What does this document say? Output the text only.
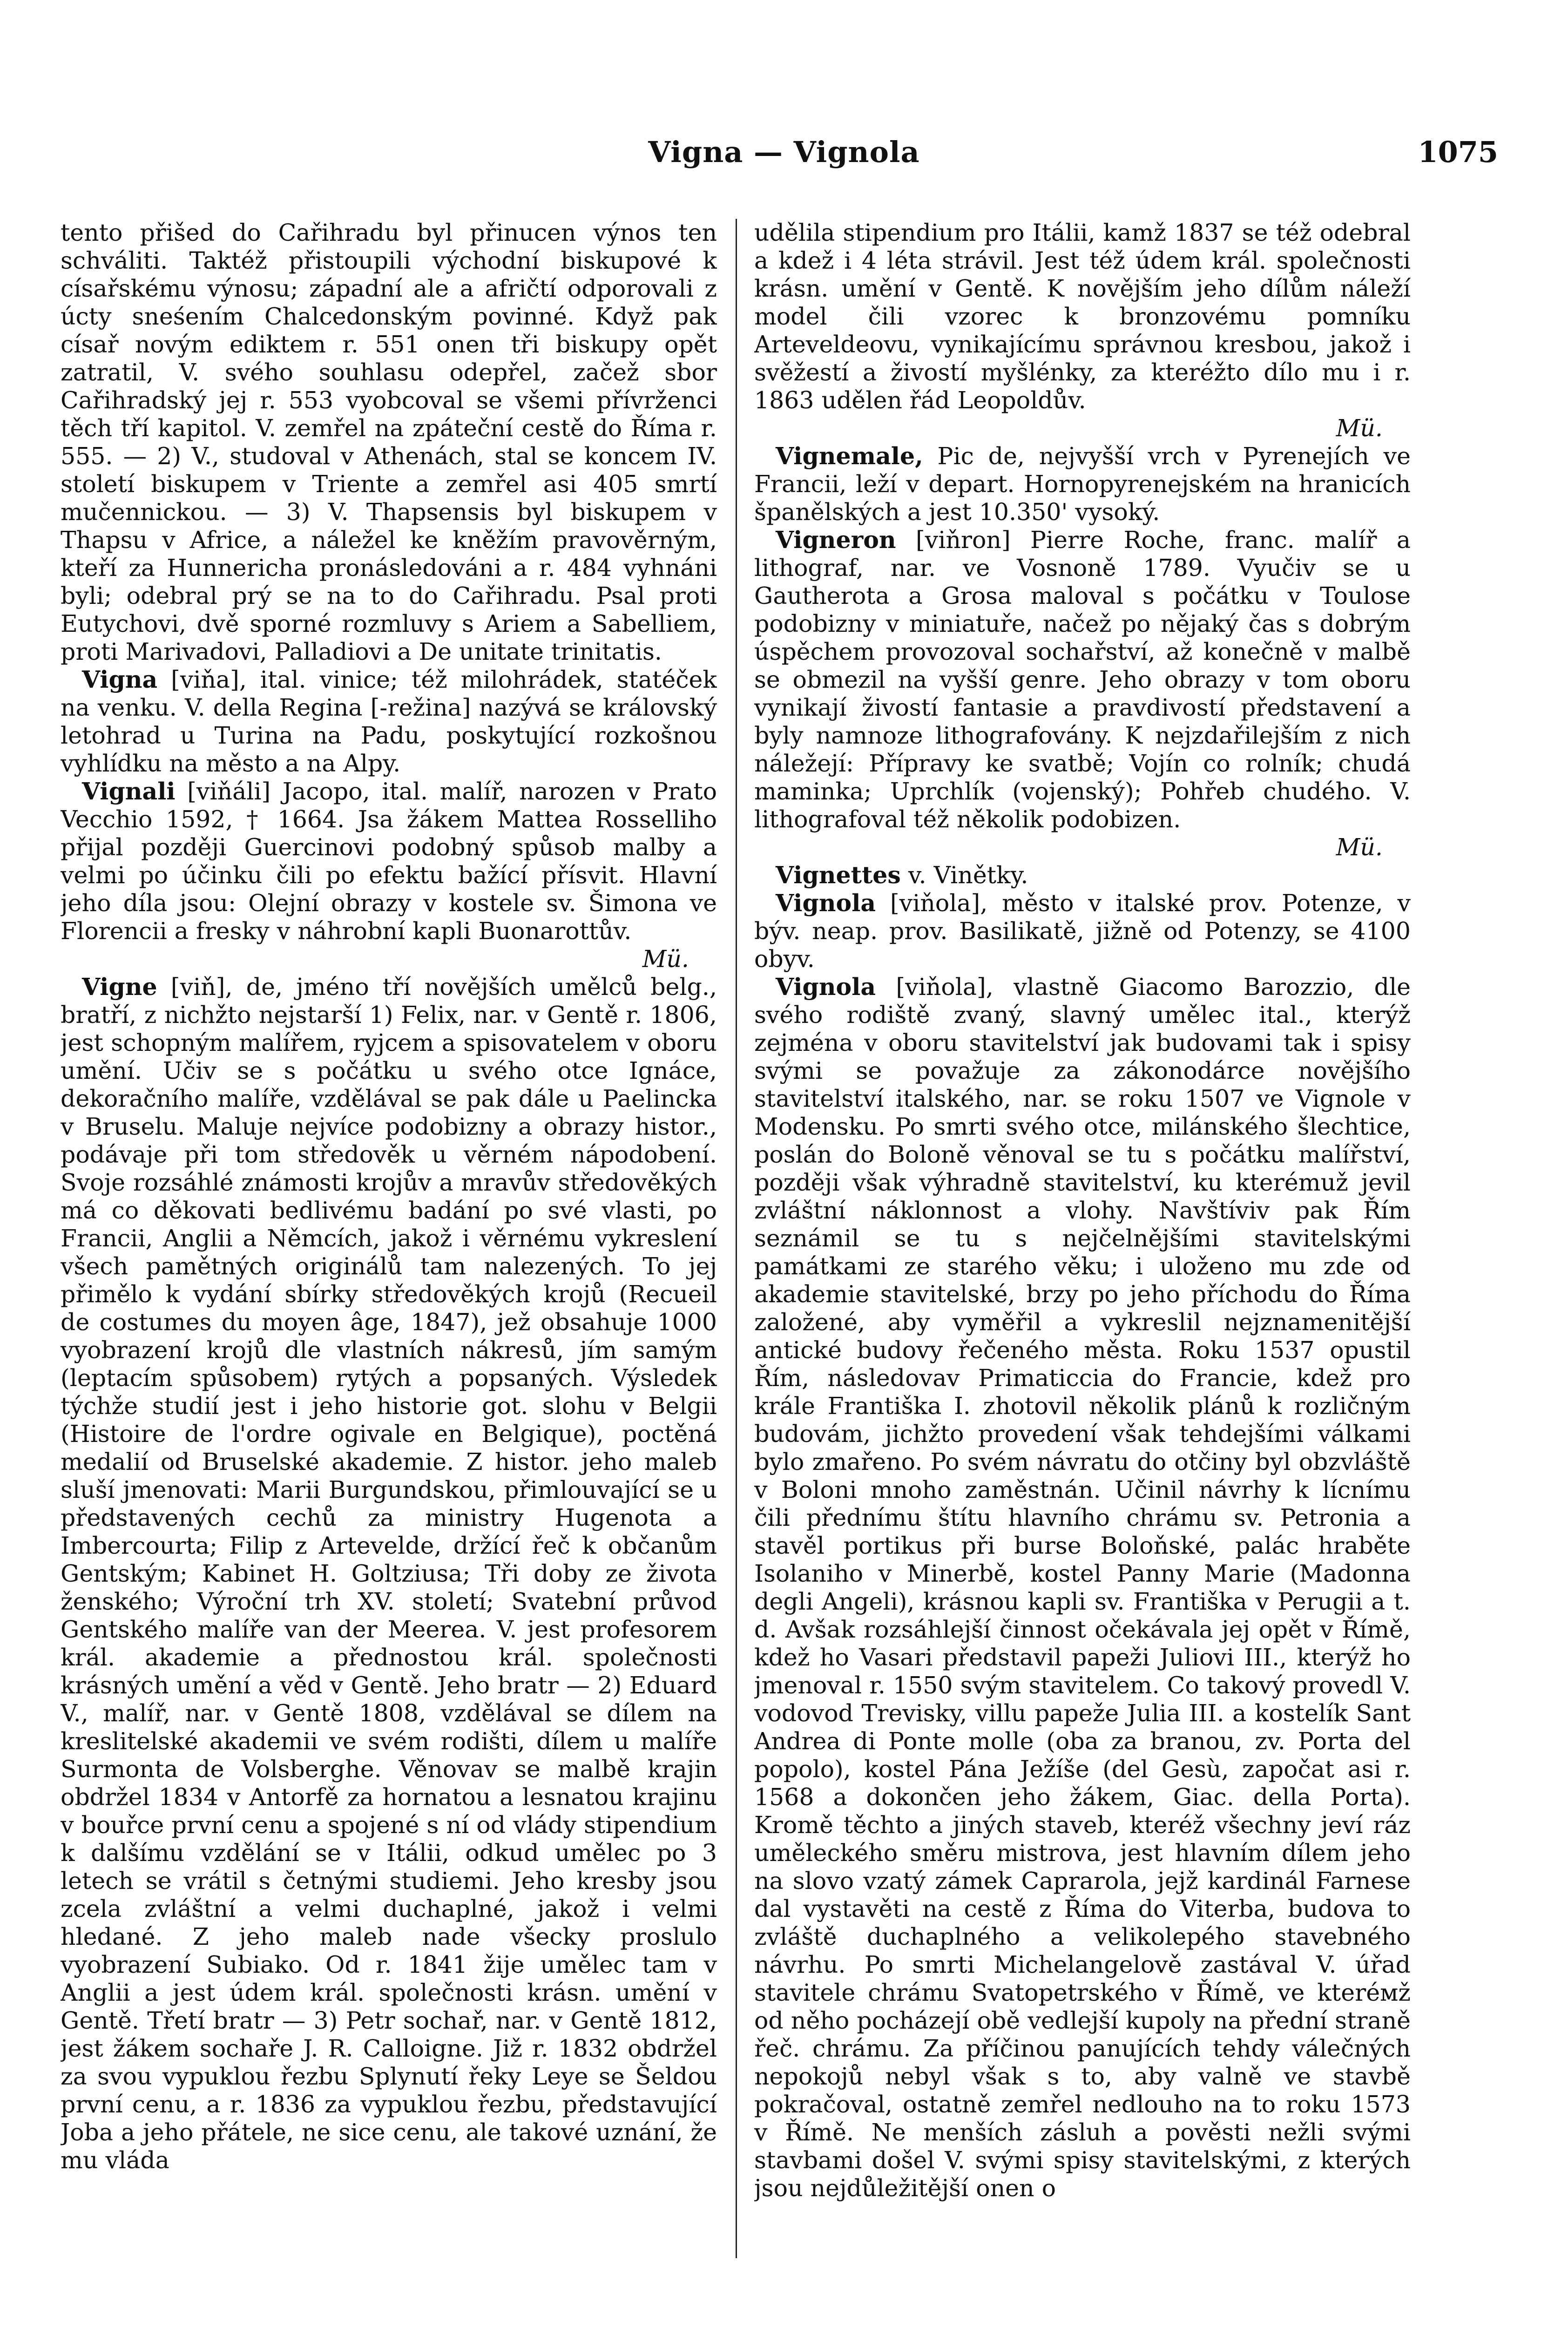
Vigna — Vignola	1075

tento přišed do Cařihradu byl přinucen výnos ten schváliti. Taktéž přistoupili východní biskupové k císařskému výnosu; západní ale a afričtí odporovali z úcty sneśením Chalcedonským povinné. Když pak císař novým ediktem r. 551 onen tři biskupy opět zatratil, V. svého souhlasu odepřel, začež sbor Cařihradský jej r. 553 vyobcoval se všemi přívrženci těch tří kapitol. V. zemřel na zpáteční cestě do Říma r. 555. — 2) V., studoval v Athenách, stal se koncem IV. století biskupem v Triente a zemřel asi 405 smrtí mučennickou. — 3) V. Thapsensis byl biskupem v Thapsu v Africe, a náležel ke kněžím pravověrným, kteří za Hunnericha pronásledováni a r. 484 vyhnáni byli; odebral prý se na to do Cařihradu. Psal proti Eutychovi, dvě sporné rozmluvy s Ariem a Sabelliem, proti Marivadovi, Palladiovi a De unitate trinitatis.

Vigna [viňa], ital. vinice; též milohrádek, statéček na venku. V. della Regina [-režina] nazývá se královský letohrad u Turina na Padu, poskytující rozkošnou vyhlídku na město a na Alpy.

Vignali [viňáli] Jacopo, ital. malíř, narozen v Prato Vecchio 1592, † 1664. Jsa žákem Mattea Rosselliho přijal později Guercinovi podobný spůsob malby a velmi po účinku čili po efektu bažící přísvit. Hlavní jeho díla jsou: Olejní obrazy v kostele sv. Šimona ve Florencii a fresky v náhrobní kapli Buonarottův.
Mü.

Vigne [viň], de, jméno tří novějších umělců belg., bratří, z nichžto nejstarší 1) Felix, nar. v Gentě r. 1806, jest schopným malířem, ryjcem a spisovatelem v oboru umění. Učiv se s počátku u svého otce Ignáce, dekoračního malíře, vzdělával se pak dále u Paelincka v Bruselu. Maluje nejvíce podobizny a obrazy histor., podávaje při tom středověk u věrném nápodobení. Svoje rozsáhlé známosti krojův a mravův středověkých má co děkovati bedlivému badání po své vlasti, po Francii, Anglii a Němcích, jakož i věrnému vykreslení všech pamětných originálů tam nalezených. To jej přimělo k vydání sbírky středověkých krojů (Recueil de costumes du moyen âge, 1847), jež obsahuje 1000 vyobrazení krojů dle vlastních nákresů, jím samým (leptacím spůsobem) rytých a popsaných. Výsledek týchže studií jest i jeho historie got. slohu v Belgii (Histoire de l'ordre ogivale en Belgique), poctěná medalií od Bruselské akademie. Z histor. jeho maleb sluší jmenovati: Marii Burgundskou, přimlouvající se u představených cechů za ministry Hugenota a Imbercourta; Filip z Artevelde, držící řeč k občanům Gentským; Kabinet H. Goltziusa; Tři doby ze života ženského; Výroční trh XV. století; Svatební průvod Gentského malíře van der Meerea. V. jest profesorem král. akademie a přednostou král. společnosti krásných umění a věd v Gentě. Jeho bratr — 2) Eduard V., malíř, nar. v Gentě 1808, vzdělával se dílem na kreslitelské akademii ve svém rodišti, dílem u malíře Surmonta de Volsberghe. Věnovav se malbě krajin obdržel 1834 v Antorfě za hornatou a lesnatou krajinu v bouřce první cenu a spojené s ní od vlády stipendium k dalšímu vzdělání se v Itálii, odkud umělec po 3 letech se vrátil s četnými studiemi. Jeho kresby jsou zcela zvláštní a velmi duchaplné, jakož i velmi hledané. Z jeho maleb nade všecky proslulo vyobrazení Subiako. Od r. 1841 žije umělec tam v Anglii a jest údem král. společnosti krásn. umění v Gentě. Třetí bratr — 3) Petr sochař, nar. v Gentě 1812, jest žákem sochaře J. R. Calloigne. Již r. 1832 obdržel za svou vypuklou řezbu Splynutí řeky Leye se Šeldou první cenu, a r. 1836 za vypuklou řezbu, představující Joba a jeho přátele, ne sice cenu, ale takové uznání, že mu vláda

udělila stipendium pro Itálii, kamž 1837 se též odebral a kdež i 4 léta strávil. Jest též údem král. společnosti krásn. umění v Gentě. K novějším jeho dílům náleží model čili vzorec k bronzovému pomníku Arteveldeovu, vynikajícímu správnou kresbou, jakož i svěžestí a živostí myšlénky, za kteréžto dílo mu i r. 1863 udělen řád Leopoldův.
Mü.

Vignemale, Pic de, nejvyšší vrch v Pyrenejích ve Francii, leží v depart. Hornopyrenejském na hranicích španělských a jest 10.350' vysoký.

Vigneron [viňron] Pierre Roche, franc. malíř a lithograf, nar. ve Vosnoně 1789. Vyučiv se u Gautherota a Grosa maloval s počátku v Toulose podobizny v miniatuře, načež po nějaký čas s dobrým úspěchem provozoval sochařství, až konečně v malbě se obmezil na vyšší genre. Jeho obrazy v tom oboru vynikají živostí fantasie a pravdivostí představení a byly namnoze lithografovány. K nejzdařilejším z nich náležejí: Přípravy ke svatbě; Vojín co rolník; chudá maminka; Uprchlík (vojenský); Pohřeb chudého. V. lithografoval též několik podobizen.
Mü.

Vignettes v. Vinětky.

Vignola [viňola], město v italské prov. Potenze, v býv. neap. prov. Basilikatě, jižně od Potenzy, se 4100 obyv.

Vignola [viňola], vlastně Giacomo Barozzio, dle svého rodiště zvaný, slavný umělec ital., kterýž zejména v oboru stavitelství jak budovami tak i spisy svými se považuje za zákonodárce novějšího stavitelství italského, nar. se roku 1507 ve Vignole v Modensku. Po smrti svého otce, milánského šlechtice, poslán do Boloně věnoval se tu s počátku malířství, později však výhradně stavitelství, ku kterémuž jevil zvláštní náklonnost a vlohy. Navštíviv pak Řím seznámil se tu s nejčelnějšími stavitelskými památkami ze starého věku; i uloženo mu zde od akademie stavitelské, brzy po jeho příchodu do Říma založené, aby vyměřil a vykreslil nejznamenitější antické budovy řečeného města. Roku 1537 opustil Řím, následovav Primaticcia do Francie, kdež pro krále Františka I. zhotovil několik plánů k rozličným budovám, jichžto provedení však tehdejšími válkami bylo zmařeno. Po svém návratu do otčiny byl obzvláště v Boloni mnoho zaměstnán. Učinil návrhy k lícnímu čili přednímu štítu hlavního chrámu sv. Petronia a stavěl portikus při burse Boloňské, palác hraběte Isolaniho v Minerbě, kostel Panny Marie (Madonna degli Angeli), krásnou kapli sv. Františka v Perugii a t. d. Avšak rozsáhlejší činnost očekávala jej opět v Římě, kdež ho Vasari představil papeži Juliovi III., kterýž ho jmenoval r. 1550 svým stavitelem. Co takový provedl V. vodovod Trevisky, villu papeže Julia III. a kostelík Sant Andrea di Ponte molle (oba za branou, zv. Porta del popolo), kostel Pána Ježíše (del Gesù, započat asi r. 1568 a dokončen jeho žákem, Giac. della Porta). Kromě těchto a jiných staveb, kteréž všechny jeví ráz uměleckého směru mistrova, jest hlavním dílem jeho na slovo vzatý zámek Caprarola, jejž kardinál Farnese dal vystavěti na cestě z Říma do Viterba, budova to zvláště duchaplného a velikolepého stavebného návrhu. Po smrti Michelangelově zastával V. úřad stavitele chrámu Svatopetrského v Římě, ve kteréмž od něho pocházejí obě vedlejší kupoly na přední straně řeč. chrámu. Za příčinou panujících tehdy válečných nepokojů nebyl však s to, aby valně ve stavbě pokračoval, ostatně zemřel nedlouho na to roku 1573 v Římě. Ne menších zásluh a pověsti nežli svými stavbami došel V. svými spisy stavitelskými, z kterých jsou nejdůležitější onen o
